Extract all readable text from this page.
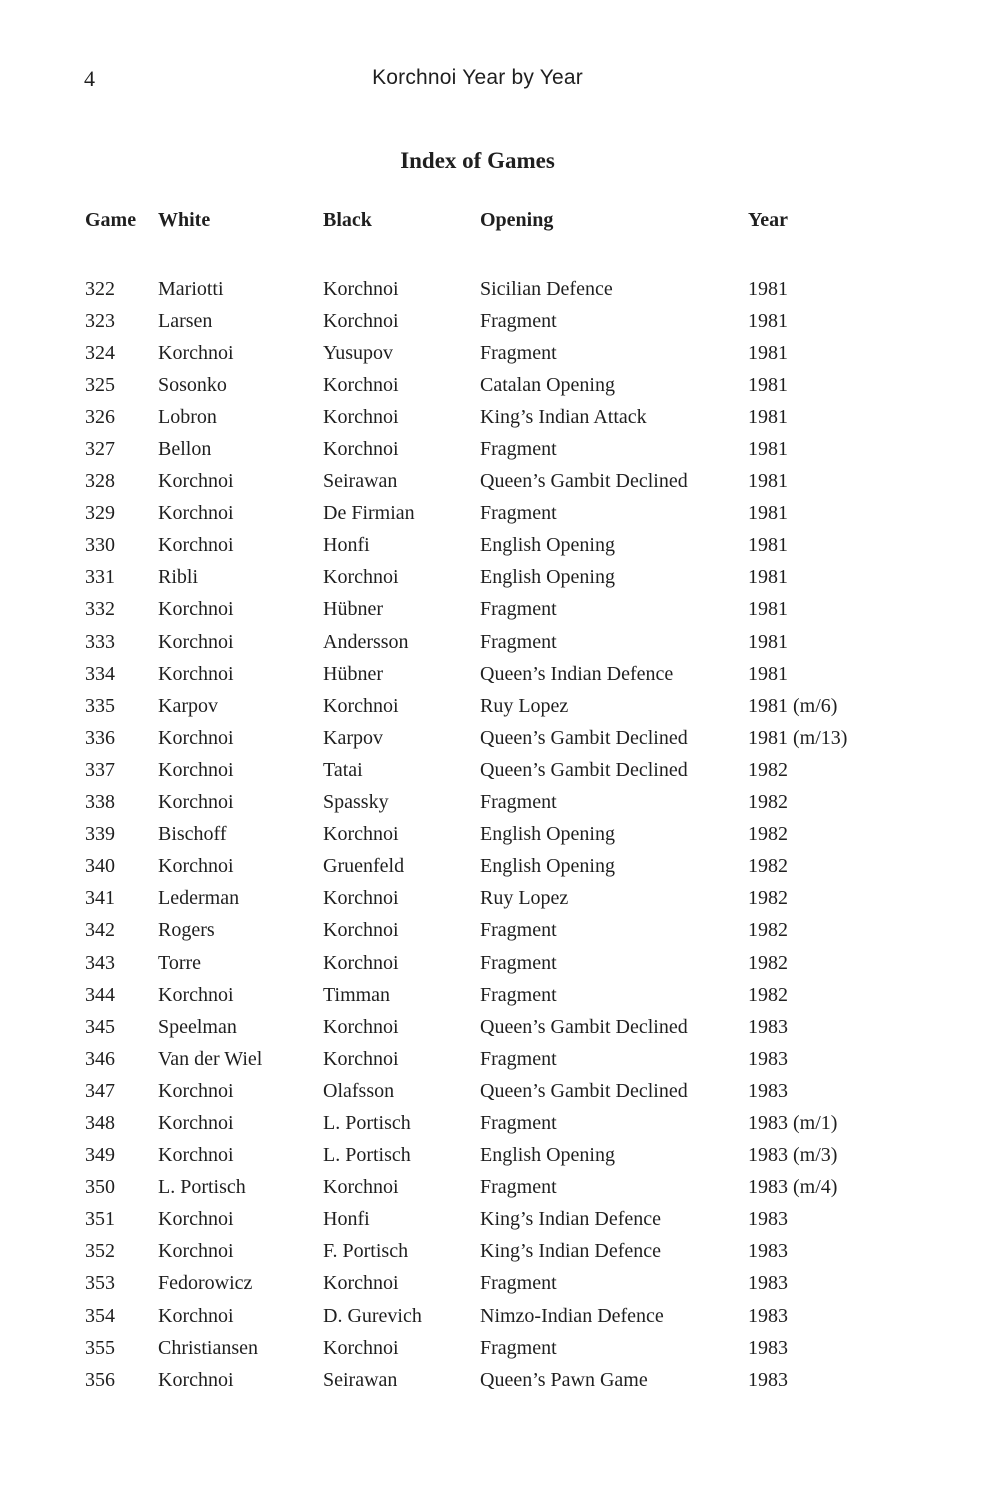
4	Korchnoi Year by Year
Index of Games
Game	White	Black	Opening	Year

322	Mariotti	Korchnoi	Sicilian Defence	1981
323	Larsen	Korchnoi	Fragment	1981
324	Korchnoi	Yusupov	Fragment	1981
325	Sosonko	Korchnoi	Catalan Opening	1981
326	Lobron	Korchnoi	King’s Indian Attack	1981
327	Bellon	Korchnoi	Fragment	1981
328	Korchnoi	Seirawan	Queen’s Gambit Declined	1981
329	Korchnoi	De Firmian	Fragment	1981
330	Korchnoi	Honfi	English Opening	1981
331	Ribli	Korchnoi	English Opening	1981
332	Korchnoi	Hübner	Fragment	1981
333	Korchnoi	Andersson	Fragment	1981
334	Korchnoi	Hübner	Queen’s Indian Defence	1981
335	Karpov	Korchnoi	Ruy Lopez	1981 (m/6)
336	Korchnoi	Karpov	Queen’s Gambit Declined	1981 (m/13)
337	Korchnoi	Tatai	Queen’s Gambit Declined	1982
338	Korchnoi	Spassky	Fragment	1982
339	Bischoff	Korchnoi	English Opening	1982
340	Korchnoi	Gruenfeld	English Opening	1982
341	Lederman	Korchnoi	Ruy Lopez	1982
342	Rogers	Korchnoi	Fragment	1982
343	Torre	Korchnoi	Fragment	1982
344	Korchnoi	Timman	Fragment	1982
345	Speelman	Korchnoi	Queen’s Gambit Declined	1983
346	Van der Wiel	Korchnoi	Fragment	1983
347	Korchnoi	Olafsson	Queen’s Gambit Declined	1983
348	Korchnoi	L. Portisch	Fragment	1983 (m/1)
349	Korchnoi	L. Portisch	English Opening	1983 (m/3)
350	L. Portisch	Korchnoi	Fragment	1983 (m/4)
351	Korchnoi	Honfi	King’s Indian Defence	1983
352	Korchnoi	F. Portisch	King’s Indian Defence	1983
353	Fedorowicz	Korchnoi	Fragment	1983
354	Korchnoi	D. Gurevich	Nimzo-Indian Defence	1983
355	Christiansen	Korchnoi	Fragment	1983
356	Korchnoi	Seirawan	Queen’s Pawn Game	1983
